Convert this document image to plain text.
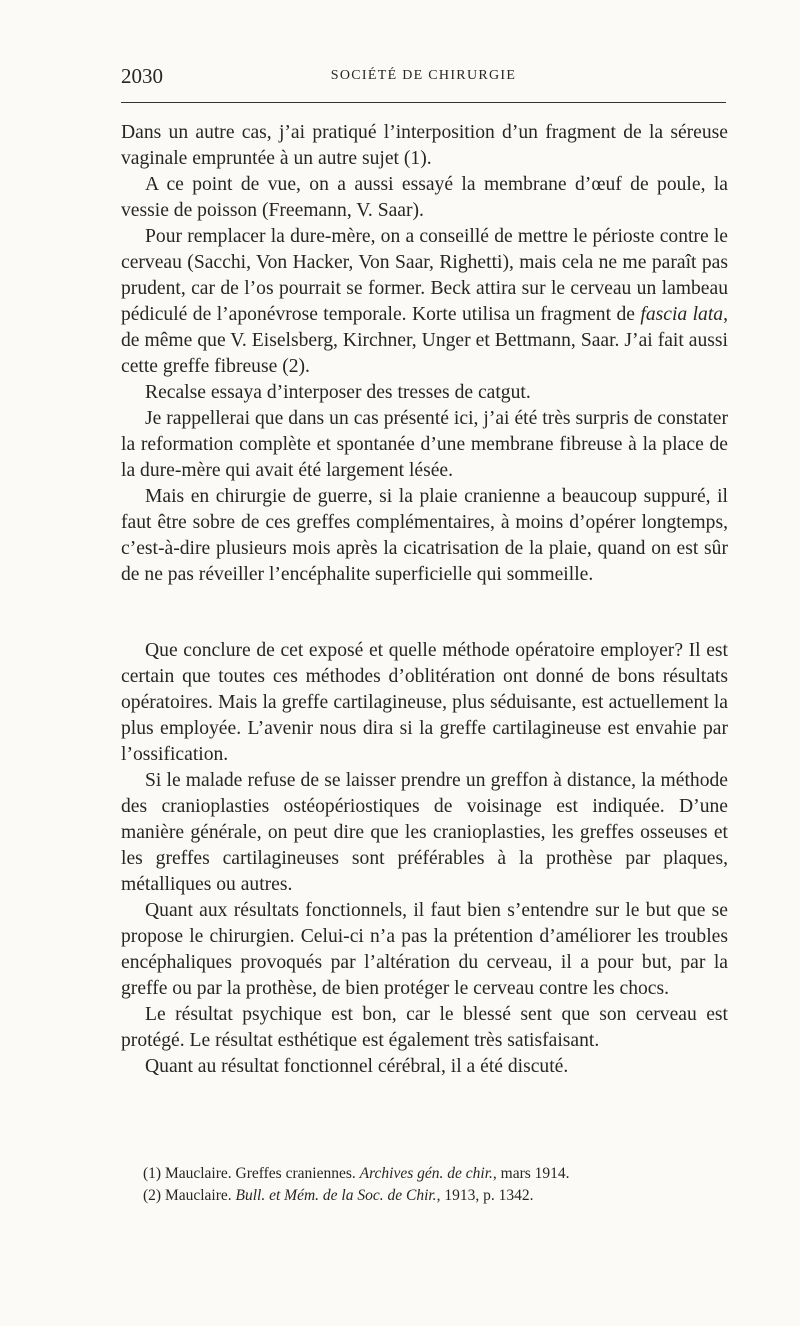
2030	SOCIÉTÉ DE CHIRURGIE

Dans un autre cas, j’ai pratiqué l’interposition d’un fragment de la séreuse vaginale empruntée à un autre sujet (1).

A ce point de vue, on a aussi essayé la membrane d’œuf de poule, la vessie de poisson (Freemann, V. Saar).

Pour remplacer la dure-mère, on a conseillé de mettre le périoste contre le cerveau (Sacchi, Von Hacker, Von Saar, Righetti), mais cela ne me paraît pas prudent, car de l’os pourrait se former. Beck attira sur le cerveau un lambeau pédiculé de l’aponévrose temporale. Korte utilisa un fragment de fascia lata, de même que V. Eiselsberg, Kirchner, Unger et Bettmann, Saar. J’ai fait aussi cette greffe fibreuse (2).

Recalse essaya d’interposer des tresses de catgut.

Je rappellerai que dans un cas présenté ici, j’ai été très surpris de constater la reformation complète et spontanée d’une membrane fibreuse à la place de la dure-mère qui avait été largement lésée.

Mais en chirurgie de guerre, si la plaie cranienne a beaucoup suppuré, il faut être sobre de ces greffes complémentaires, à moins d’opérer longtemps, c’est-à-dire plusieurs mois après la cicatrisation de la plaie, quand on est sûr de ne pas réveiller l’encéphalite superficielle qui sommeille.

Que conclure de cet exposé et quelle méthode opératoire employer? Il est certain que toutes ces méthodes d’oblitération ont donné de bons résultats opératoires. Mais la greffe cartilagineuse, plus séduisante, est actuellement la plus employée. L’avenir nous dira si la greffe cartilagineuse est envahie par l’ossification.

Si le malade refuse de se laisser prendre un greffon à distance, la méthode des cranioplasties ostéopériostiques de voisinage est indiquée. D’une manière générale, on peut dire que les cranioplasties, les greffes osseuses et les greffes cartilagineuses sont préférables à la prothèse par plaques, métalliques ou autres.

Quant aux résultats fonctionnels, il faut bien s’entendre sur le but que se propose le chirurgien. Celui-ci n’a pas la prétention d’améliorer les troubles encéphaliques provoqués par l’altération du cerveau, il a pour but, par la greffe ou par la prothèse, de bien protéger le cerveau contre les chocs.

Le résultat psychique est bon, car le blessé sent que son cerveau est protégé. Le résultat esthétique est également très satisfaisant.

Quant au résultat fonctionnel cérébral, il a été discuté.

(1) Mauclaire. Greffes craniennes. Archives gén. de chir., mars 1914.
(2) Mauclaire. Bull. et Mém. de la Soc. de Chir., 1913, p. 1342.
